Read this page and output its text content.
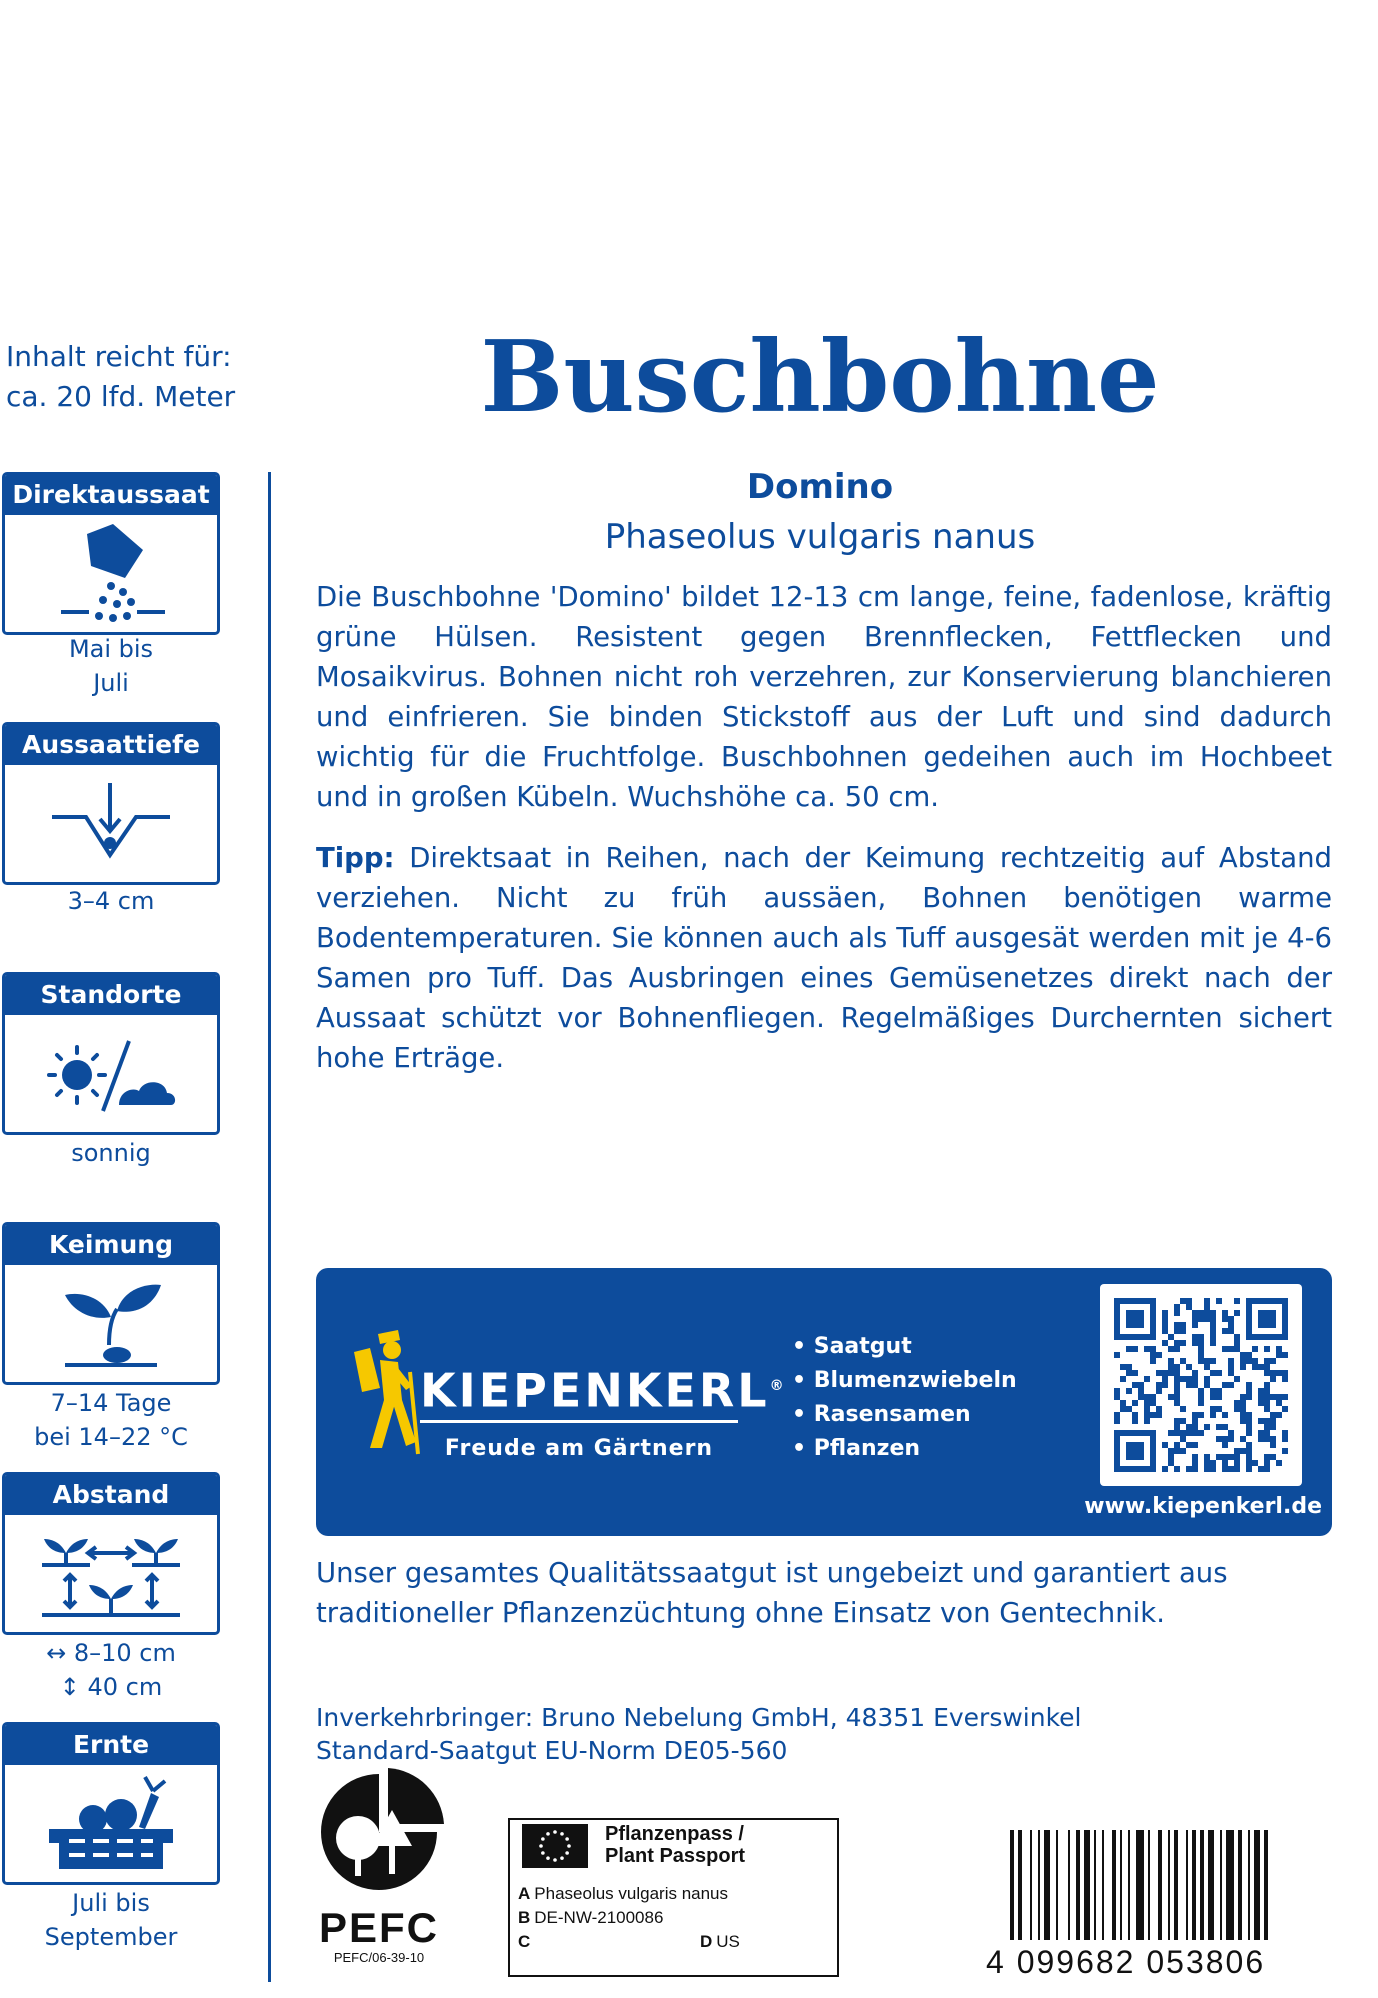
Inhalt reicht für:
ca. 20 lfd. Meter
Direktaussaat
Mai bis
Juli
Aussaattiefe
3–4 cm
Standorte
sonnig
Keimung
7–14 Tage
bei 14–22 °C
Abstand
↔ 8–10 cm
↕ 40 cm
Ernte
Juli bis
September
Buschbohne
Domino
Phaseolus vulgaris nanus
Die Buschbohne 'Domino' bildet 12-13 cm lange, feine, fadenlose, kräftig grüne Hülsen. Resistent gegen Brennflecken, Fettflecken und Mosaikvirus. Bohnen nicht roh verzehren, zur Konservierung blanchieren und einfrieren. Sie binden Stickstoff aus der Luft und sind dadurch wichtig für die Fruchtfolge. Buschbohnen gedeihen auch im Hochbeet und in großen Kübeln. Wuchshöhe ca. 50 cm.
Tipp: Direktsaat in Reihen, nach der Keimung rechtzeitig auf Abstand verziehen. Nicht zu früh aussäen, Bohnen benötigen warme Bodentemperaturen. Sie können auch als Tuff ausgesät werden mit je 4-6 Samen pro Tuff. Das Ausbringen eines Gemüsenetzes direkt nach der Aussaat schützt vor Bohnenfliegen. Regelmäßiges Durchernten sichert hohe Erträge.
KIEPENKERL®
Freude am Gärtnern
• Saatgut
• Blumenzwiebeln
• Rasensamen
• Pflanzen
www.kiepenkerl.de
Unser gesamtes Qualitätssaatgut ist ungebeizt und garantiert aus traditioneller Pflanzenzüchtung ohne Einsatz von Gentechnik.
Inverkehrbringer: Bruno Nebelung GmbH, 48351 Everswinkel
Standard-Saatgut EU-Norm DE05-560
PEFC
PEFC/06-39-10
Pflanzenpass /
Plant Passport
A Phaseolus vulgaris nanus
B DE-NW-2100086
C	D US
4 099682 053806
